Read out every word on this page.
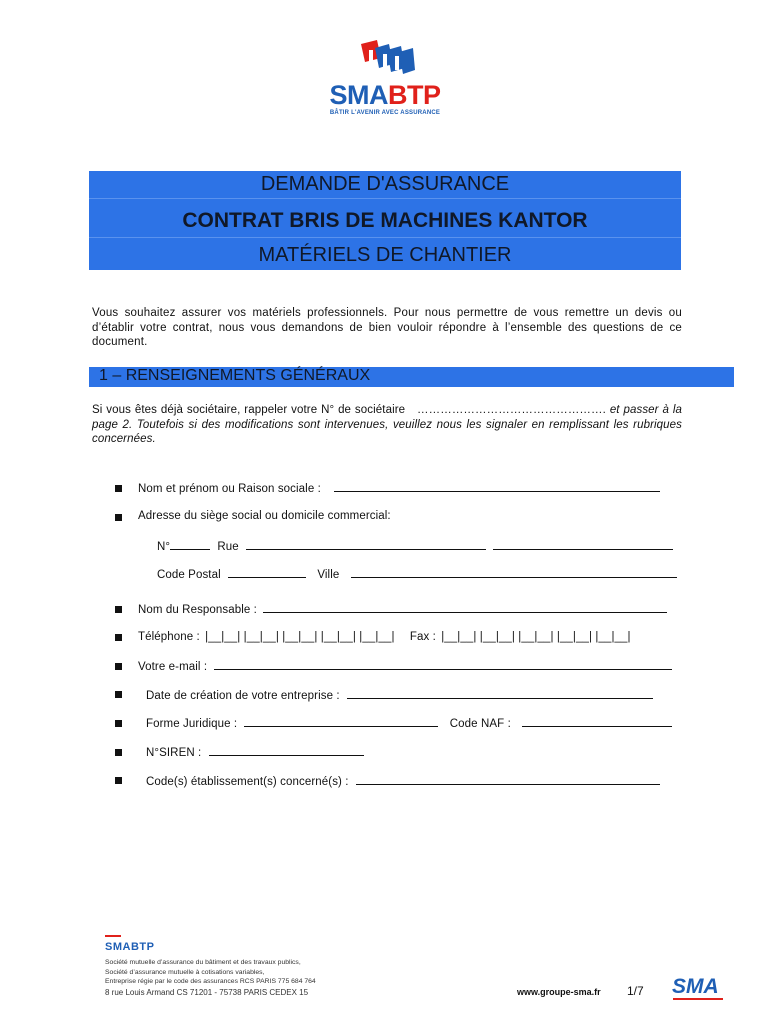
SMABTP
BÂTIR L'AVENIR AVEC ASSURANCE
DEMANDE D'ASSURANCE
CONTRAT BRIS DE MACHINES KANTOR
MATÉRIELS DE CHANTIER
Vous souhaitez assurer vos matériels professionnels. Pour nous permettre de vous remettre un devis ou d’établir votre contrat, nous vous demandons de bien vouloir répondre à l’ensemble des questions de ce document.
1 – RENSEIGNEMENTS GÉNÉRAUX
Si vous êtes déjà sociétaire, rappeler votre N° de sociétaire …………………………………………. et passer à la page 2. Toutefois si des modifications sont intervenues, veuillez nous les signaler en remplissant les rubriques concernées.
Nom et prénom ou Raison sociale :
Adresse du siège social ou domicile commercial:
N°	Rue
Code Postal	Ville
Nom du Responsable :
Téléphone : |__|__| |__|__| |__|__| |__|__| |__|__| Fax : |__|__| |__|__| |__|__| |__|__| |__|__|
Votre e-mail :
Date de création de votre entreprise :
Forme Juridique :	Code NAF :
N°SIREN :
Code(s) établissement(s) concerné(s) :
SMABTP
Société mutuelle d’assurance du bâtiment et des travaux publics,
Société d’assurance mutuelle à cotisations variables,
Entreprise régie par le code des assurances RCS PARIS 775 684 764
8 rue Louis Armand CS 71201 - 75738 PARIS CEDEX 15	www.groupe-sma.fr 1/7 SMA
